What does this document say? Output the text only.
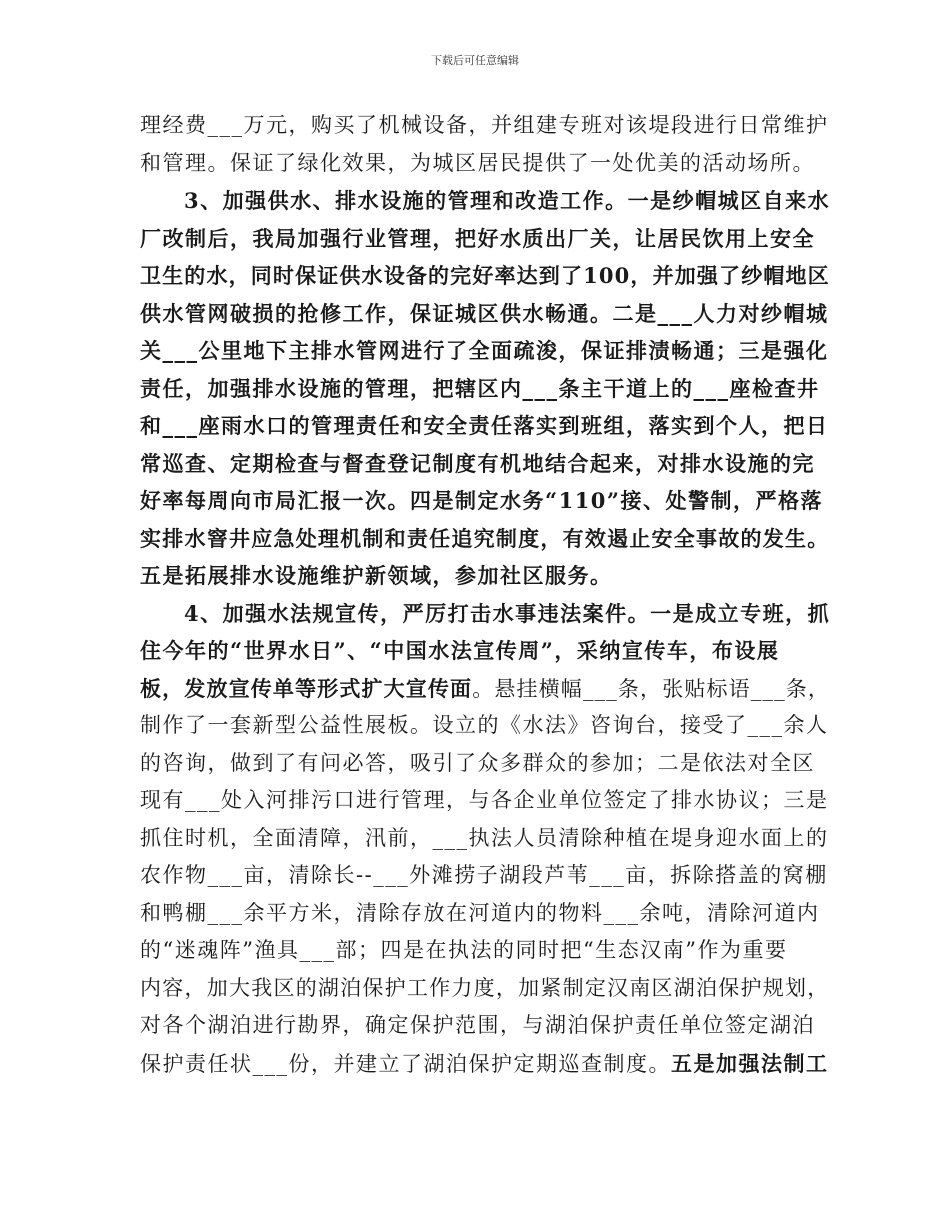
下载后可任意编辑
理经费___万元，购买了机械设备，并组建专班对该堤段进行日常维护
和管理。保证了绿化效果，为城区居民提供了一处优美的活动场所。
3、加强供水、排水设施的管理和改造工作。一是纱帽城区自来水
厂改制后，我局加强行业管理，把好水质出厂关，让居民饮用上安全
卫生的水，同时保证供水设备的完好率达到了100，并加强了纱帽地区
供水管网破损的抢修工作，保证城区供水畅通。二是___人力对纱帽城
关___公里地下主排水管网进行了全面疏浚，保证排渍畅通；三是强化
责任，加强排水设施的管理，把辖区内___条主干道上的___座检查井
和___座雨水口的管理责任和安全责任落实到班组，落实到个人，把日
常巡查、定期检查与督查登记制度有机地结合起来，对排水设施的完
好率每周向市局汇报一次。四是制定水务“110”接、处警制，严格落
实排水窨井应急处理机制和责任追究制度，有效遏止安全事故的发生。
五是拓展排水设施维护新领域，参加社区服务。
4、加强水法规宣传，严厉打击水事违法案件。一是成立专班，抓
住今年的“世界水日”、“中国水法宣传周”，采纳宣传车，布设展
板，发放宣传单等形式扩大宣传面。悬挂横幅___条，张贴标语___条，
制作了一套新型公益性展板。设立的《水法》咨询台，接受了___余人
的咨询，做到了有问必答，吸引了众多群众的参加；二是依法对全区
现有___处入河排污口进行管理，与各企业单位签定了排水协议；三是
抓住时机，全面清障，汛前，___执法人员清除种植在堤身迎水面上的
农作物___亩，清除长--___外滩捞子湖段芦苇___亩，拆除搭盖的窝棚
和鸭棚___余平方米，清除存放在河道内的物料___余吨，清除河道内
的“迷魂阵”渔具___部；四是在执法的同时把“生态汉南”作为重要
内容，加大我区的湖泊保护工作力度，加紧制定汉南区湖泊保护规划，
对各个湖泊进行勘界，确定保护范围，与湖泊保护责任单位签定湖泊
保护责任状___份，并建立了湖泊保护定期巡查制度。五是加强法制工
